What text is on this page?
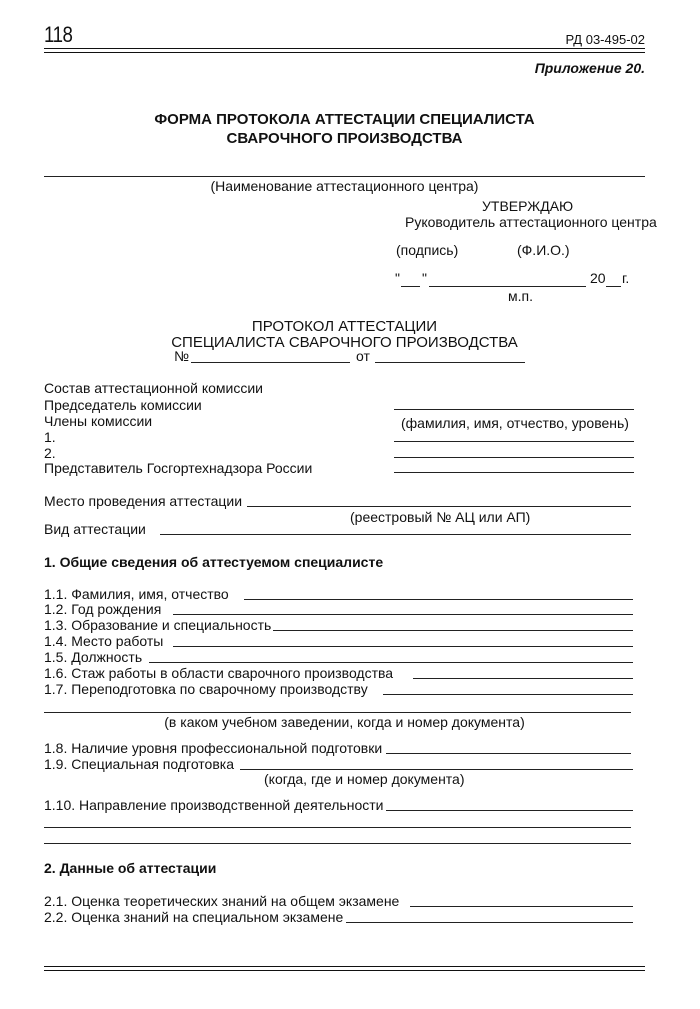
118	РД 03-495-02
Приложение 20.
ФОРМА ПРОТОКОЛА АТТЕСТАЦИИ СПЕЦИАЛИСТА
СВАРОЧНОГО ПРОИЗВОДСТВА
(Наименование аттестационного центра)
УТВЕРЖДАЮ
Руководитель аттестационного центра
(подпись)	(Ф.И.О.)
" "	20 г.
м.п.
ПРОТОКОЛ АТТЕСТАЦИИ
СПЕЦИАЛИСТА СВАРОЧНОГО ПРОИЗВОДСТВА
№	от
Состав аттестационной комиссии
Председатель комиссии
Члены комиссии	(фамилия, имя, отчество, уровень)
1.
2.
Представитель Госгортехнадзора России
Место проведения аттестации
(реестровый № АЦ или АП)
Вид аттестации
1. Общие сведения об аттестуемом специалисте
1.1. Фамилия, имя, отчество
1.2. Год рождения
1.3. Образование и специальность
1.4. Место работы
1.5. Должность
1.6. Стаж работы в области сварочного производства
1.7. Переподготовка по сварочному производству
(в каком учебном заведении, когда и номер документа)
1.8. Наличие уровня профессиональной подготовки
1.9. Специальная подготовка
(когда, где и номер документа)
1.10. Направление производственной деятельности
2. Данные об аттестации
2.1. Оценка теоретических знаний на общем экзамене
2.2. Оценка знаний на специальном экзамене
